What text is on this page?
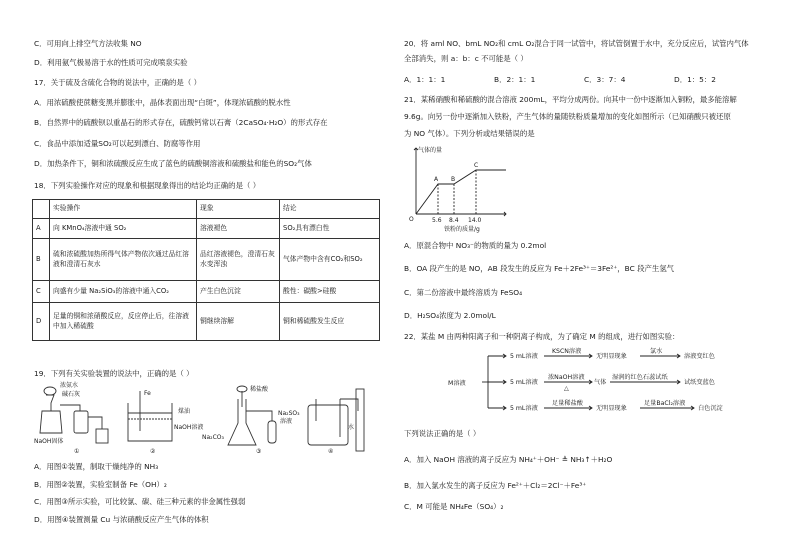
C．可用向上排空气方法收集 NO
D．利用氨气极易溶于水的性质可完成喷泉实验
17．关于硫及含硫化合物的说法中，正确的是（ ）
A．用浓硫酸使蔗糖变黑并膨胀中，晶体表面出现“白斑”，体现浓硫酸的脱水性
B．自然界中的硫酸钡以重晶石的形式存在，硫酸钙常以石膏（2CaSO₄·H₂O）的形式存在
C．食品中添加适量SO₂可以起到漂白、防腐等作用
D．加热条件下，铜和浓硫酸反应生成了蓝色的硫酸铜溶液和硫酸盐和能色的SO₂气体
18．下列实验操作对应的现象和根据现象得出的结论均正确的是（ ）
	实验操作	现象	结论
A	向 KMnO₄溶液中通 SO₂	溶液褪色	SO₂具有漂白性
B	硫和浓硫酸加热所得气体产物依次通过品红溶液和澄清石灰水	品红溶液褪色，澄清石灰水变浑浊	气体产物中含有CO₂和SO₂
C	向盛有少量 Na₂SiO₃的溶液中通入CO₂	产生白色沉淀	酸性：碳酸>硅酸
D	足量的铜和浓硝酸反应，反应停止后，往溶液中加入稀硫酸	铜继续溶解	铜和稀硫酸发生反应
19．下列有关实验装置的说法中，正确的是（ ）
浓氨水
碱石灰
NaOH固体
①
Fe
煤油
NaOH溶液
②
稀盐酸
Na₂SO₃
溶液
Na₂CO₃
③
水
④
A．用图①装置，制取干燥纯净的 NH₃
B．用图②装置，实验室制备 Fe（OH）₂
C．用图③所示实验，可比较氯、碳、硅三种元素的非金属性强弱
D．用图④装置测量 Cu 与浓硝酸反应产生气体的体积
20．将 aml NO、bmL NO₂和 cmL O₂混合于同一试管中，将试管倒置于水中，充分反应后，试管内气体
全部消失，则 a：b：c 不可能是（ ）
A．1：1：1	B．2：1：1	C．3：7：4	D．1：5：2
21．某稀硝酸和稀硫酸的混合溶液 200mL，平均分成两份。向其中一份中逐渐加入铜粉，最多能溶解
9.6g。向另一份中逐渐加入铁粉，产生气体的量随铁粉质量增加的变化如图所示（已知硝酸只被还原
为 NO 气体）。下列分析或结果错误的是
气体的量
O
A B
C
5.6 8.4 14.0
铁粉的质量/g
A．原混合物中 NO₃⁻的物质的量为 0.2mol
B．OA 段产生的是 NO，AB 段发生的反应为 Fe＋2Fe³⁺＝3Fe²⁺，BC 段产生氢气
C．第二份溶液中最终溶质为 FeSO₄
D．H₂SO₄浓度为 2.0mol/L
22．某盐 M 由两种阳离子和一种阴离子构成，为了确定 M 的组成，进行如图实验：
M溶液
5 mL溶液
KSCN溶液
无明显现象
氯水
溶液变红色
5 mL溶液
浓NaOH溶液
△
气体
湿润的红色石蕊试纸
试纸变蓝色
5 mL溶液
足量稀盐酸
无明显现象
足量BaCl₂溶液
白色沉淀
下列说法正确的是（ ）
A．加入 NaOH 溶液的离子反应为 NH₄⁺＋OH⁻ ≜ NH₃↑＋H₂O
B．加入氯水发生的离子反应为 Fe²⁺＋Cl₂＝2Cl⁻＋Fe³⁺
C．M 可能是 NH₄Fe（SO₄）₂
